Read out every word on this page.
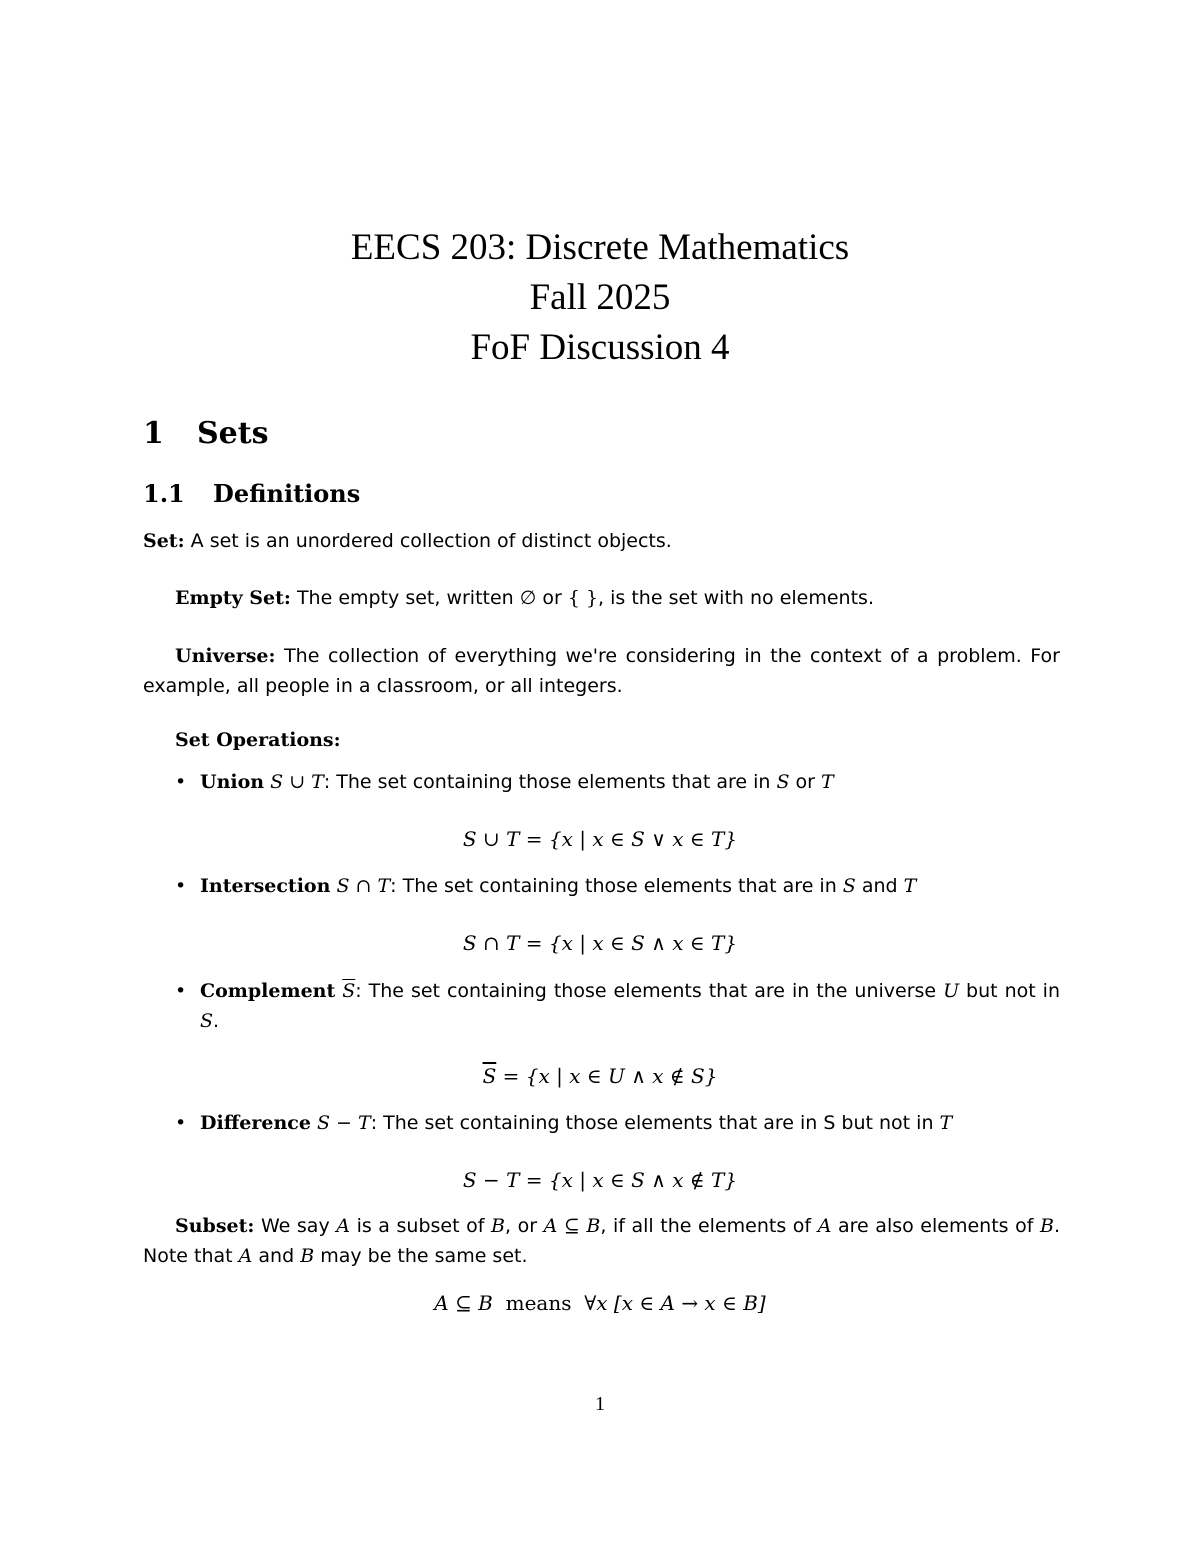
EECS 203: Discrete Mathematics
Fall 2025
FoF Discussion 4
1 Sets
1.1 Definitions
Set: A set is an unordered collection of distinct objects.
Empty Set: The empty set, written ∅ or { }, is the set with no elements.
Universe: The collection of everything we're considering in the context of a problem. For example, all people in a classroom, or all integers.
Set Operations:
• Union S ∪ T: The set containing those elements that are in S or T
S ∪ T = {x | x ∈ S ∨ x ∈ T}
• Intersection S ∩ T: The set containing those elements that are in S and T
S ∩ T = {x | x ∈ S ∧ x ∈ T}
• Complement $\overline{S}$: The set containing those elements that are in the universe U but not in S.
$\overline{S} = \{x$ | x ∈ U ∧ x ∉ S}
• Difference S − T: The set containing those elements that are in S but not in T
S − T = {x | x ∈ S ∧ x ∉ T}
Subset: We say A is a subset of B, or A ⊆ B, if all the elements of A are also elements of B. Note that A and B may be the same set.
A ⊆ B means ∀x [x ∈ A → x ∈ B]
1
